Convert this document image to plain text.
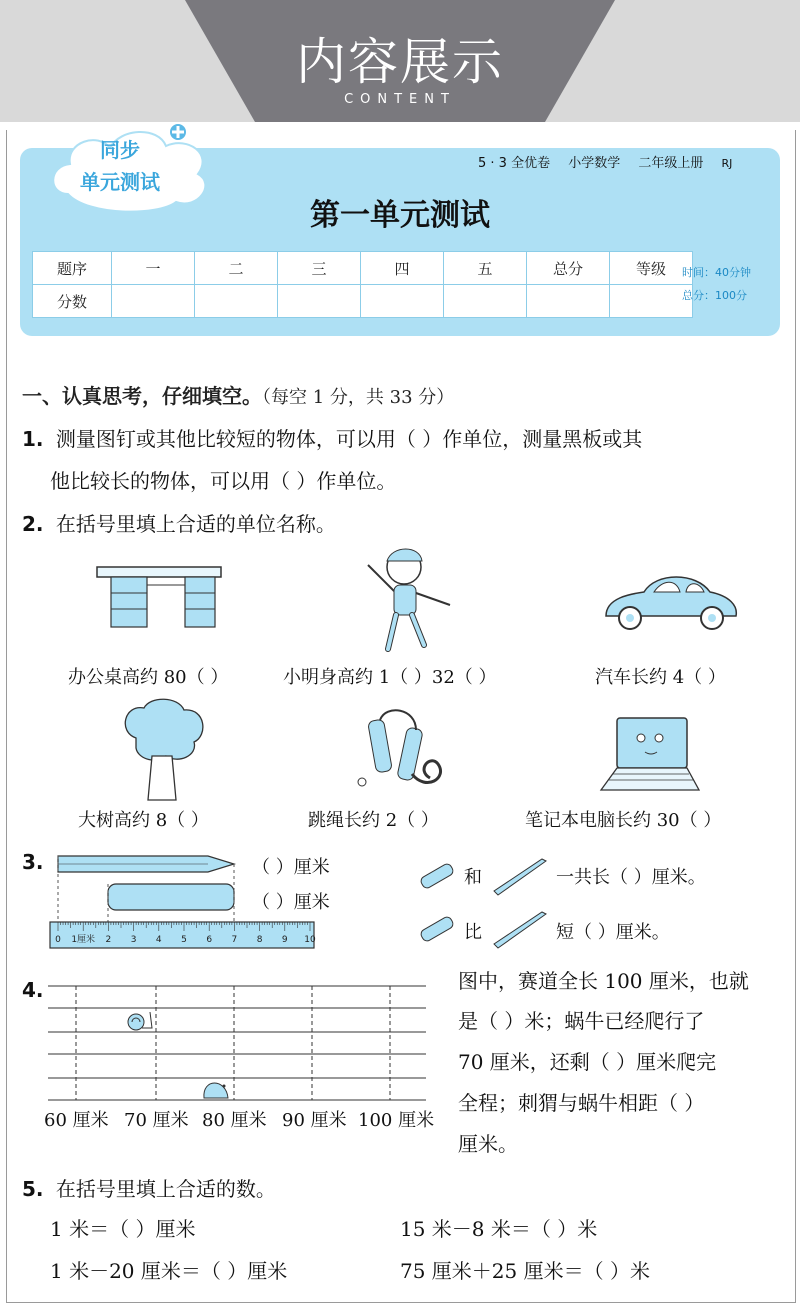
内容展示
CONTENT
同步
单元测试
5 · 3 全优卷 小学数学 二年级上册 RJ
第一单元测试
题序	一	二	三	四	五	总分	等级
分数							
时间：40分钟
总分：100分
一、认真思考，仔细填空。（每空 1 分，共 33 分）
1. 测量图钉或其他比较短的物体，可以用（ ）作单位，测量黑板或其
他比较长的物体，可以用（ ）作单位。
2. 在括号里填上合适的单位名称。
办公桌高约 80（ ）	小明身高约 1（ ）32（ ）	汽车长约 4（ ）
大树高约 8（ ）	跳绳长约 2（ ）	笔记本电脑长约 30（ ）
3.
0 1厘米 2 3 4 5 6 7 8 9 10
（ ）厘米
（ ）厘米
和	一共长（ ）厘米。
比	短（ ）厘米。
4.
60 厘米 70 厘米 80 厘米 90 厘米 100 厘米
图中，赛道全长 100 厘米，也就
是（ ）米；蜗牛已经爬行了
70 厘米，还剩（ ）厘米爬完
全程；刺猬与蜗牛相距（ ）
厘米。
5. 在括号里填上合适的数。
1 米＝（ ）厘米	15 米－8 米＝（ ）米
1 米－20 厘米＝（ ）厘米	75 厘米＋25 厘米＝（ ）米
